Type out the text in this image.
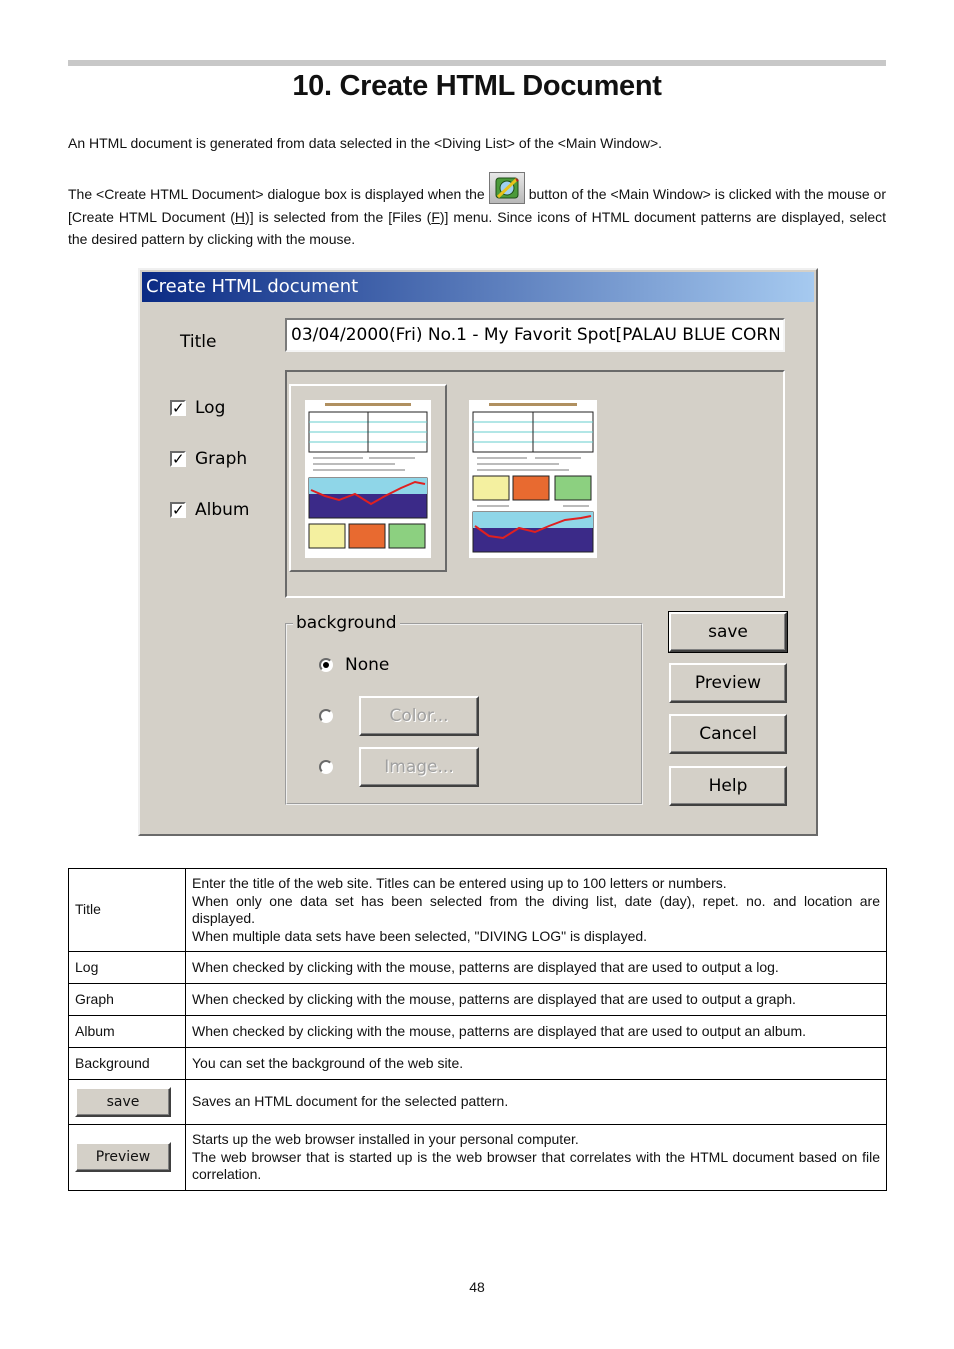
10. Create HTML Document

An HTML document is generated from data selected in the <Diving List> of the <Main Window>.

The <Create HTML Document> dialogue box is displayed when the	button of the <Main Window> is clicked with the mouse or [Create HTML Document (H)] is selected from the [Files (F)] menu. Since icons of HTML document patterns are displayed, select the desired pattern by clicking with the mouse.

Create HTML document
Title
03/04/2000(Fri) No.1 - My Favorit Spot[PALAU BLUE CORNER]
✓ Log
✓ Graph
✓ Album
background
None
Color...
Image...
save
Preview
Cancel
Help
Title	Enter the title of the web site. Titles can be entered using up to 100 letters or numbers.
When only one data set has been selected from the diving list, date (day), repet. no. and location are displayed.
When multiple data sets have been selected, "DIVING LOG" is displayed.

Log	When checked by clicking with the mouse, patterns are displayed that are used to output a log.
Graph	When checked by clicking with the mouse, patterns are displayed that are used to output a graph.
Album	When checked by clicking with the mouse, patterns are displayed that are used to output an album.
Background	You can set the background of the web site.

save	Saves an HTML document for the selected pattern.

Preview	Starts up the web browser installed in your personal computer.
The web browser that is started up is the web browser that correlates with the HTML document based on file correlation.
48
